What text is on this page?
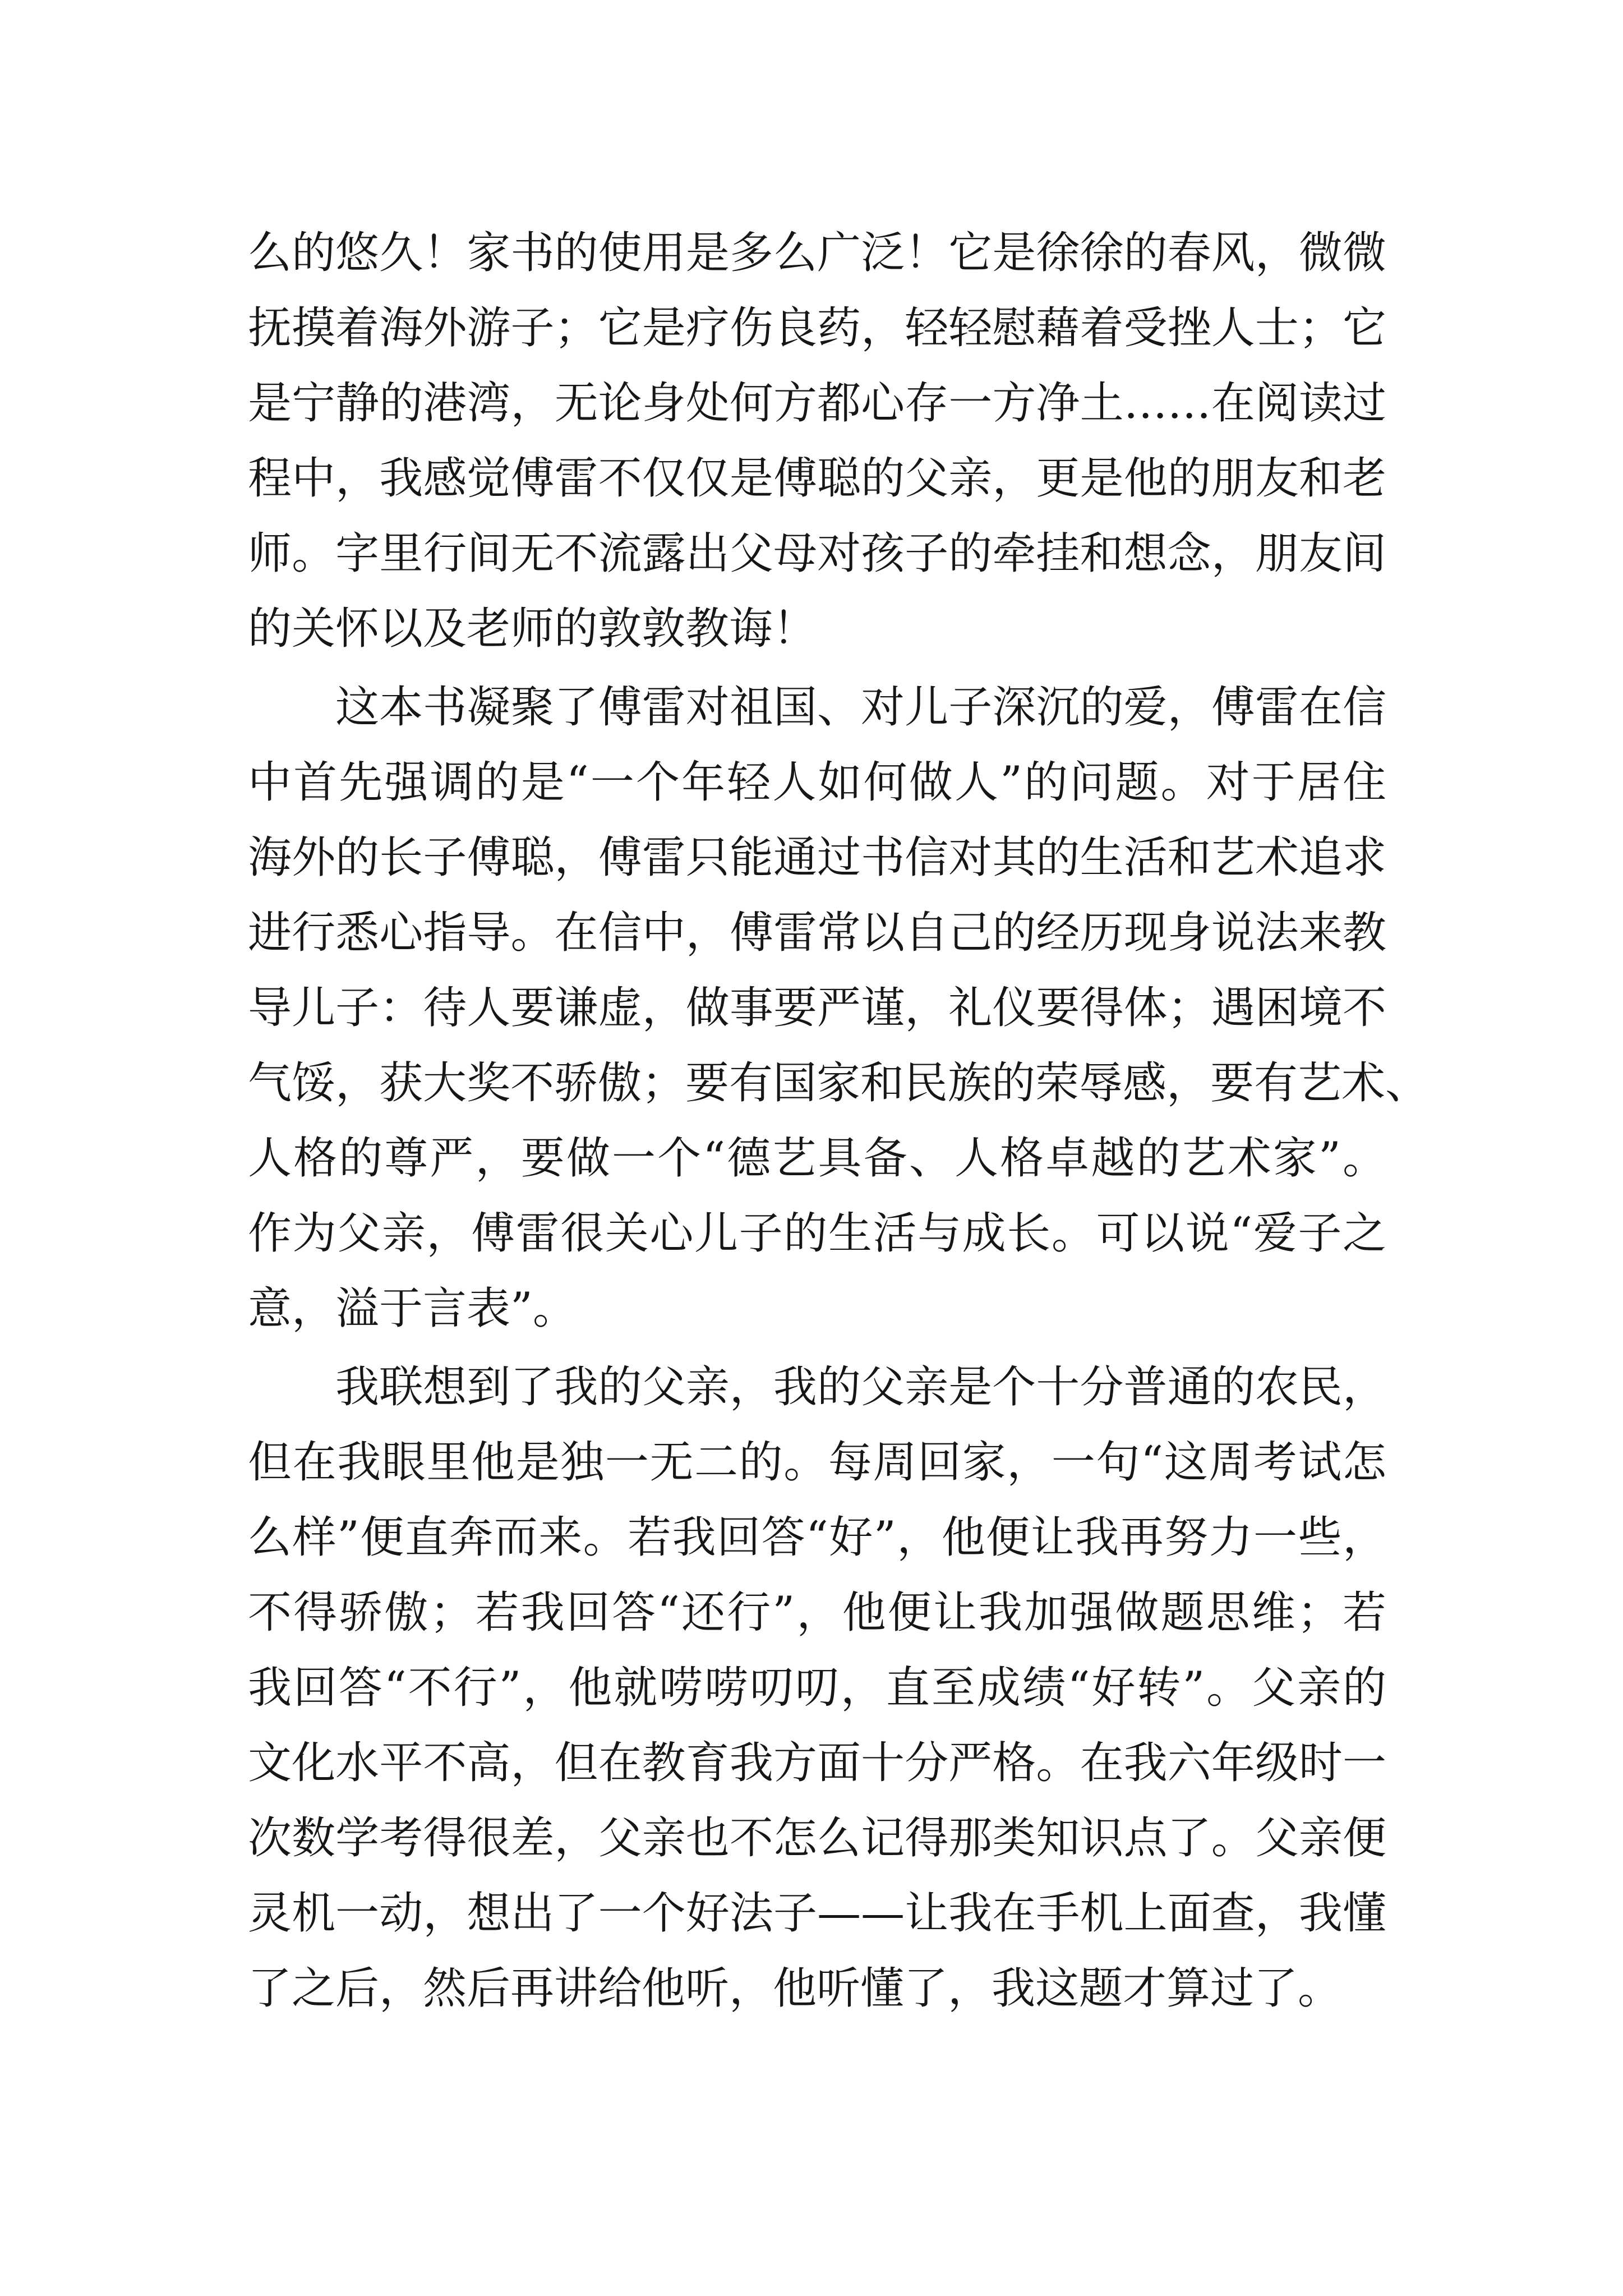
么的悠久！家书的使用是多么广泛！它是徐徐的春风，微微
抚摸着海外游子；它是疗伤良药，轻轻慰藉着受挫人士；它
是宁静的港湾，无论身处何方都心存一方净土……在阅读过
程中，我感觉傅雷不仅仅是傅聪的父亲，更是他的朋友和老
师。字里行间无不流露出父母对孩子的牵挂和想念，朋友间
的关怀以及老师的敦敦教诲！
这本书凝聚了傅雷对祖国、对儿子深沉的爱，傅雷在信
中首先强调的是“一个年轻人如何做人”的问题。对于居住
海外的长子傅聪，傅雷只能通过书信对其的生活和艺术追求
进行悉心指导。在信中，傅雷常以自己的经历现身说法来教
导儿子：待人要谦虚，做事要严谨，礼仪要得体；遇困境不
气馁，获大奖不骄傲；要有国家和民族的荣辱感，要有艺术、
人格的尊严，要做一个“德艺具备、人格卓越的艺术家”。
作为父亲，傅雷很关心儿子的生活与成长。可以说“爱子之
意，溢于言表”。
我联想到了我的父亲，我的父亲是个十分普通的农民，
但在我眼里他是独一无二的。每周回家，一句“这周考试怎
么样”便直奔而来。若我回答“好”，他便让我再努力一些，
不得骄傲；若我回答“还行”，他便让我加强做题思维；若
我回答“不行”，他就唠唠叨叨，直至成绩“好转”。父亲的
文化水平不高，但在教育我方面十分严格。在我六年级时一
次数学考得很差，父亲也不怎么记得那类知识点了。父亲便
灵机一动，想出了一个好法子——让我在手机上面查，我懂
了之后，然后再讲给他听，他听懂了，我这题才算过了。
